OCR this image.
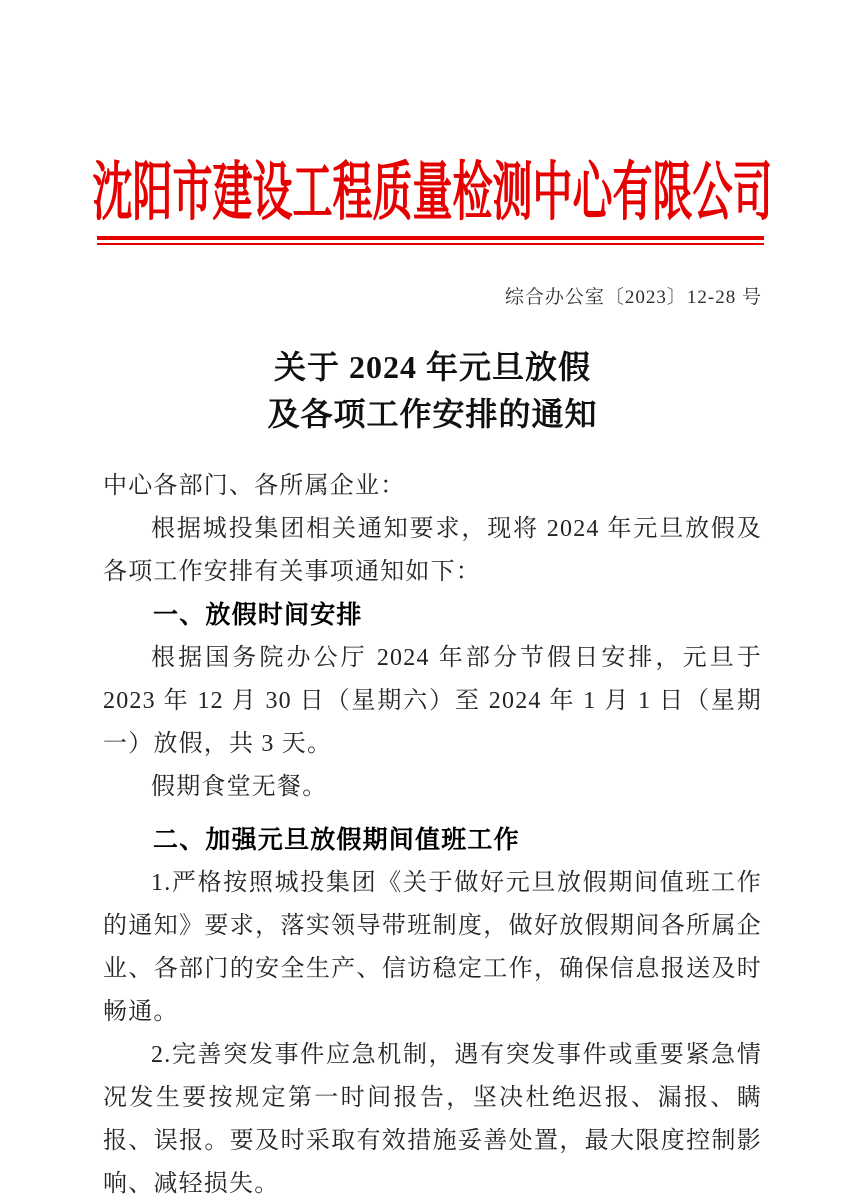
沈阳市建设工程质量检测中心有限公司
综合办公室〔2023〕12-28 号
关于 2024 年元旦放假
及各项工作安排的通知

中心各部门、各所属企业：

根据城投集团相关通知要求，现将 2024 年元旦放假及各项工作安排有关事项通知如下：

一、放假时间安排

根据国务院办公厅 2024 年部分节假日安排，元旦于 2023 年 12 月 30 日（星期六）至 2024 年 1 月 1 日（星期一）放假，共 3 天。

假期食堂无餐。

二、加强元旦放假期间值班工作

1.严格按照城投集团《关于做好元旦放假期间值班工作的通知》要求，落实领导带班制度，做好放假期间各所属企业、各部门的安全生产、信访稳定工作，确保信息报送及时畅通。

2.完善突发事件应急机制，遇有突发事件或重要紧急情况发生要按规定第一时间报告，坚决杜绝迟报、漏报、瞒报、误报。要及时采取有效措施妥善处置，最大限度控制影响、减轻损失。
